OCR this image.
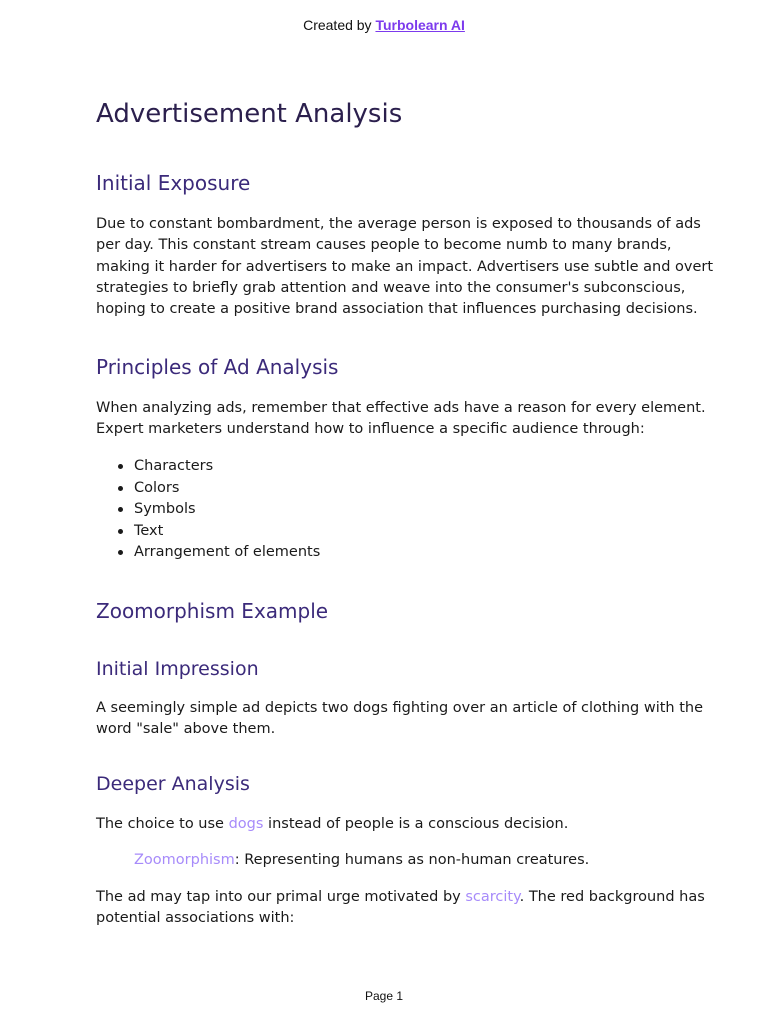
Created by Turbolearn AI
Advertisement Analysis
Initial Exposure
Due to constant bombardment, the average person is exposed to thousands of ads
per day. This constant stream causes people to become numb to many brands,
making it harder for advertisers to make an impact. Advertisers use subtle and overt
strategies to briefly grab attention and weave into the consumer's subconscious,
hoping to create a positive brand association that influences purchasing decisions.
Principles of Ad Analysis
When analyzing ads, remember that effective ads have a reason for every element.
Expert marketers understand how to influence a specific audience through:
Characters
Colors
Symbols
Text
Arrangement of elements
Zoomorphism Example
Initial Impression
A seemingly simple ad depicts two dogs fighting over an article of clothing with the
word "sale" above them.
Deeper Analysis
The choice to use dogs instead of people is a conscious decision.

Zoomorphism: Representing humans as non-human creatures.

The ad may tap into our primal urge motivated by scarcity. The red background has
potential associations with:
Page 1
